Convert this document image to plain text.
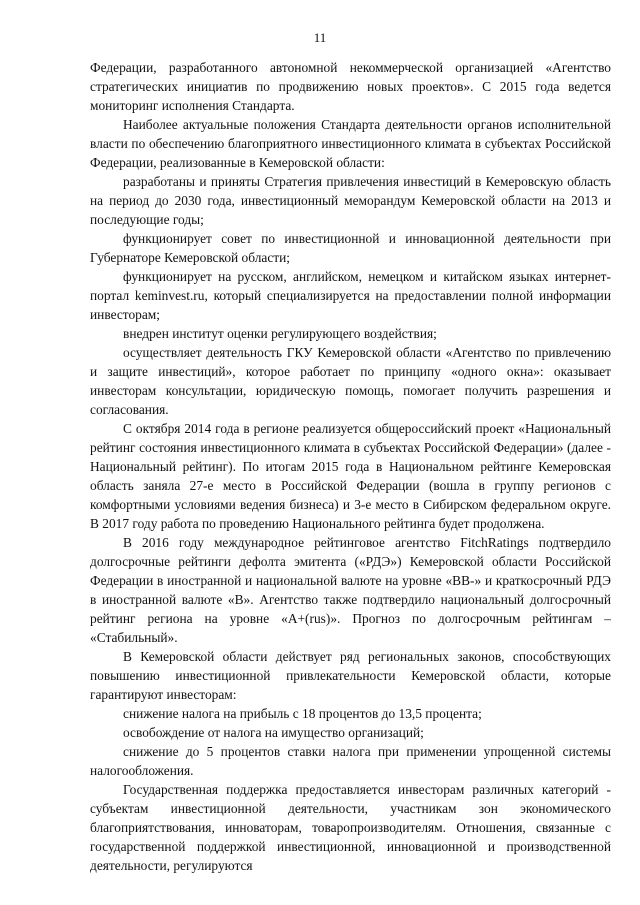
11

Федерации, разработанного автономной некоммерческой организацией «Агентство стратегических инициатив по продвижению новых проектов». С 2015 года ведется мониторинг исполнения Стандарта.

Наиболее актуальные положения Стандарта деятельности органов исполнительной власти по обеспечению благоприятного инвестиционного климата в субъектах Российской Федерации, реализованные в Кемеровской области:

разработаны и приняты Стратегия привлечения инвестиций в Кемеровскую область на период до 2030 года, инвестиционный меморандум Кемеровской области на 2013 и последующие годы;

функционирует совет по инвестиционной и инновационной деятельности при Губернаторе Кемеровской области;

функционирует на русском, английском, немецком и китайском языках интернет-портал keminvest.ru, который специализируется на предоставлении полной информации инвесторам;

внедрен институт оценки регулирующего воздействия;

осуществляет деятельность ГКУ Кемеровской области «Агентство по привлечению и защите инвестиций», которое работает по принципу «одного окна»: оказывает инвесторам консультации, юридическую помощь, помогает получить разрешения и согласования.

С октября 2014 года в регионе реализуется общероссийский проект «Национальный рейтинг состояния инвестиционного климата в субъектах Российской Федерации» (далее - Национальный рейтинг). По итогам 2015 года в Национальном рейтинге Кемеровская область заняла 27-е место в Российской Федерации (вошла в группу регионов с комфортными условиями ведения бизнеса) и 3-е место в Сибирском федеральном округе. В 2017 году работа по проведению Национального рейтинга будет продолжена.

В 2016 году международное рейтинговое агентство FitchRatings подтвердило долгосрочные рейтинги дефолта эмитента («РДЭ») Кемеровской области Российской Федерации в иностранной и национальной валюте на уровне «ВВ-» и краткосрочный РДЭ в иностранной валюте «В». Агентство также подтвердило национальный долгосрочный рейтинг региона на уровне «A+(rus)». Прогноз по долгосрочным рейтингам – «Стабильный».

В Кемеровской области действует ряд региональных законов, способствующих повышению инвестиционной привлекательности Кемеровской области, которые гарантируют инвесторам:

снижение налога на прибыль с 18 процентов до 13,5 процента;

освобождение от налога на имущество организаций;

снижение до 5 процентов ставки налога при применении упрощенной системы налогообложения.

Государственная поддержка предоставляется инвесторам различных категорий - субъектам инвестиционной деятельности, участникам зон экономического благоприятствования, инноваторам, товаропроизводителям. Отношения, связанные с государственной поддержкой инвестиционной, инновационной и производственной деятельности, регулируются
